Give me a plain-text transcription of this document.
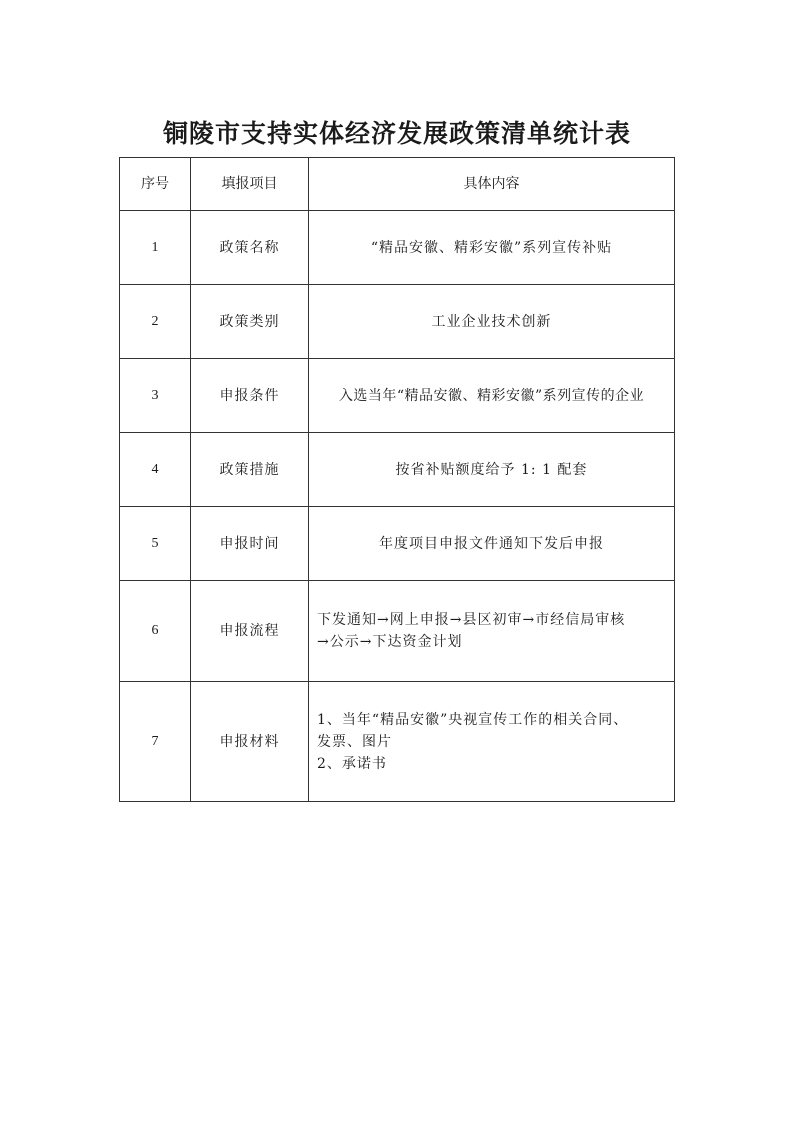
铜陵市支持实体经济发展政策清单统计表
序号	填报项目	具体内容
1	政策名称	“精品安徽、精彩安徽”系列宣传补贴

2	政策类别	工业企业技术创新

3	申报条件	入选当年“精品安徽、精彩安徽”系列宣传的企业

4	政策措施	按省补贴额度给予 1: 1 配套

5	申报时间	年度项目申报文件通知下发后申报

6	申报流程	下发通知→网上申报→县区初审→市经信局审核
→公示→下达资金计划

7	申报材料	1、当年“精品安徽”央视宣传工作的相关合同、
发票、图片
2、承诺书
